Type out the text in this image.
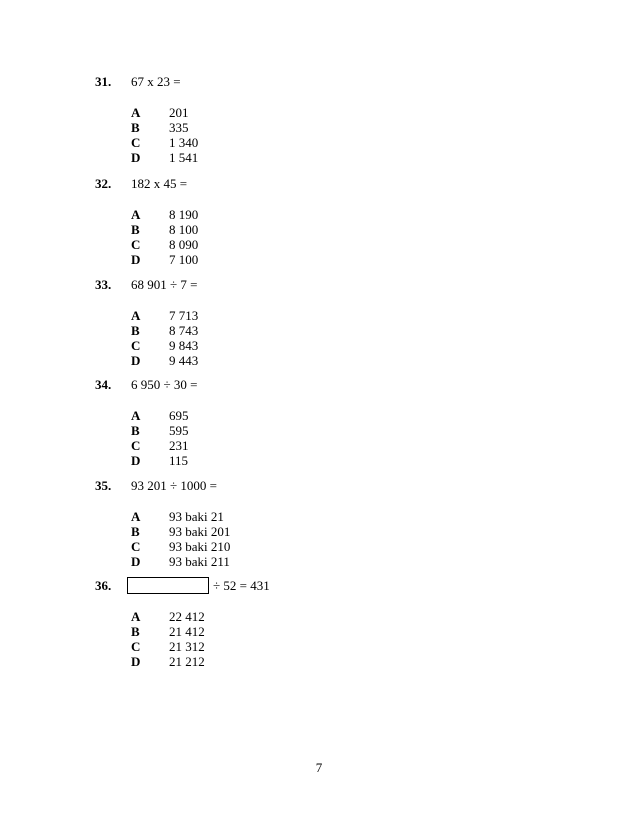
31. 67 x 23 =
A 201
B 335
C 1 340
D 1 541
32. 182 x 45 =
A 8 190
B 8 100
C 8 090
D 7 100
33. 68 901 ÷ 7 =
A 7 713
B 8 743
C 9 843
D 9 443
34. 6 950 ÷ 30 =
A 695
B 595
C 231
D 115
35. 93 201 ÷ 1000 =
A 93 baki 21
B 93 baki 201
C 93 baki 210
D 93 baki 211
36.	÷ 52 = 431
A 22 412
B 21 412
C 21 312
D 21 212
7
